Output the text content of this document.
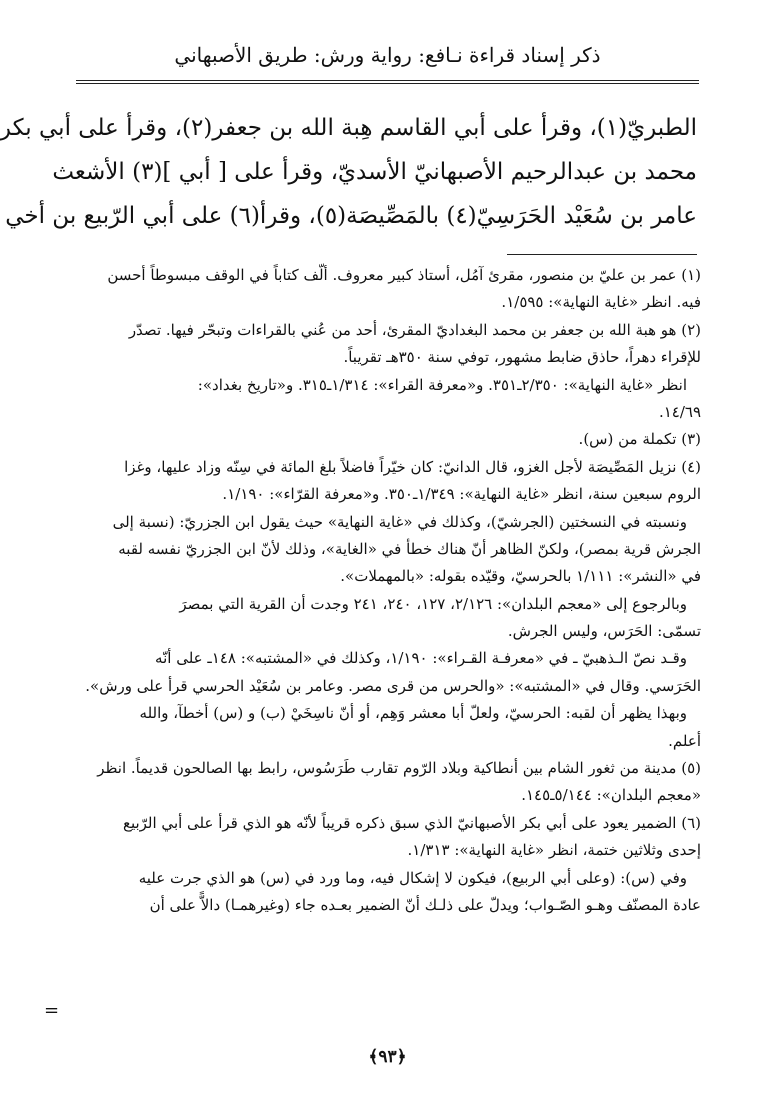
ذكر إسناد قراءة نـافع: رواية ورش: طريق الأصبهاني
الطبريّ(١)، وقرأ على أبي القاسم هِبة الله بن جعفر(٢)، وقرأ على أبي بكر
محمد بن عبدالرحيم الأصبهانيّ الأسديّ، وقرأ على [ أبي ](٣) الأشعث
عامر بن سُعَيْد الحَرَسِيّ(٤) بالمَصِّيصَة(٥)، وقرأ(٦) على أبي الرّبيع بن أخي
(١) عمر بن عليّ بن منصور، مقرئ آمُل، أستاذ كبير معروف. ألّف كتاباً في الوقف مبسوطاً أحسن
فيه. انظر «غاية النهاية»: ١/٥٩٥.
(٢) هو هبة الله بن جعفر بن محمد البغداديّ المقرئ، أحد من عُني بالقراءات وتبحّر فيها. تصدّر
للإقراء دهراً، حاذق ضابط مشهور، توفي سنة ٣٥٠هـ تقريباً.
انظر «غاية النهاية»: ٢/٣٥٠ـ٣٥١. و«معرفة القراء»: ١/٣١٤ـ٣١٥. و«تاريخ بغداد»:
١٤/٦٩.
(٣) تكملة من (س).
(٤) نزيل المَصِّيصَة لأجل الغزو، قال الدانيّ: كان خيّراً فاضلاً بلغ المائة في سِنّه وزاد عليها، وغزا
الروم سبعين سنة، انظر «غاية النهاية»: ١/٣٤٩ـ٣٥٠. و«معرفة القرّاء»: ١/١٩٠.
ونسبته في النسختين (الجرشيّ)، وكذلك في «غاية النهاية» حيث يقول ابن الجزريّ: (نسبة إلى
الجرش قرية بمصر)، ولكنّ الظاهر أنّ هناك خطأ في «الغاية»، وذلك لأنّ ابن الجزريّ نفسه لقبه
في «النشر»: ١/١١١ بالحرسيّ، وقيّده بقوله: «بالمهملات».
وبالرجوع إلى «معجم البلدان»: ٢/١٢٦، ١٢٧، ٢٤٠، ٢٤١ وجدت أن القرية التي بمصرَ
تسمّى: الحَرَس، وليس الجرش.
وقـد نصّ الـذهبيّ ـ في «معرفـة القـراء»: ١/١٩٠، وكذلك في «المشتبه»: ١٤٨ـ على أنّه
الحَرَسي. وقال في «المشتبه»: «والحرس من قرى مصر. وعامر بن سُعَيْد الحرسي قرأ على ورش».
وبهذا يظهر أن لقبه: الحرسيّ، ولعلّ أبا معشر وَهِم، أو أنّ ناسِخَيْ (ب) و (س) أخطآ، والله
أعلم.
(٥) مدينة من ثغور الشام بين أنطاكية وبلاد الرّوم تقارب طَرَسُوس، رابط بها الصالحون قديماً. انظر
«معجم البلدان»: ٥/١٤٤ـ١٤٥.
(٦) الضمير يعود على أبي بكر الأصبهانيّ الذي سبق ذكره قريباً لأنّه هو الذي قرأ على أبي الرّبيع
إحدى وثلاثين ختمة، انظر «غاية النهاية»: ١/٣١٣.
وفي (س): (وعلى أبي الربيع)، فيكون لا إشكال فيه، وما ورد في (س) هو الذي جرت عليه
عادة المصنّف وهـو الصّـواب؛ ويدلّ على ذلـك أنّ الضمير بعـده جاء (وغيرهمـا) دالاًّ على أن
=
﴿٩٣﴾
